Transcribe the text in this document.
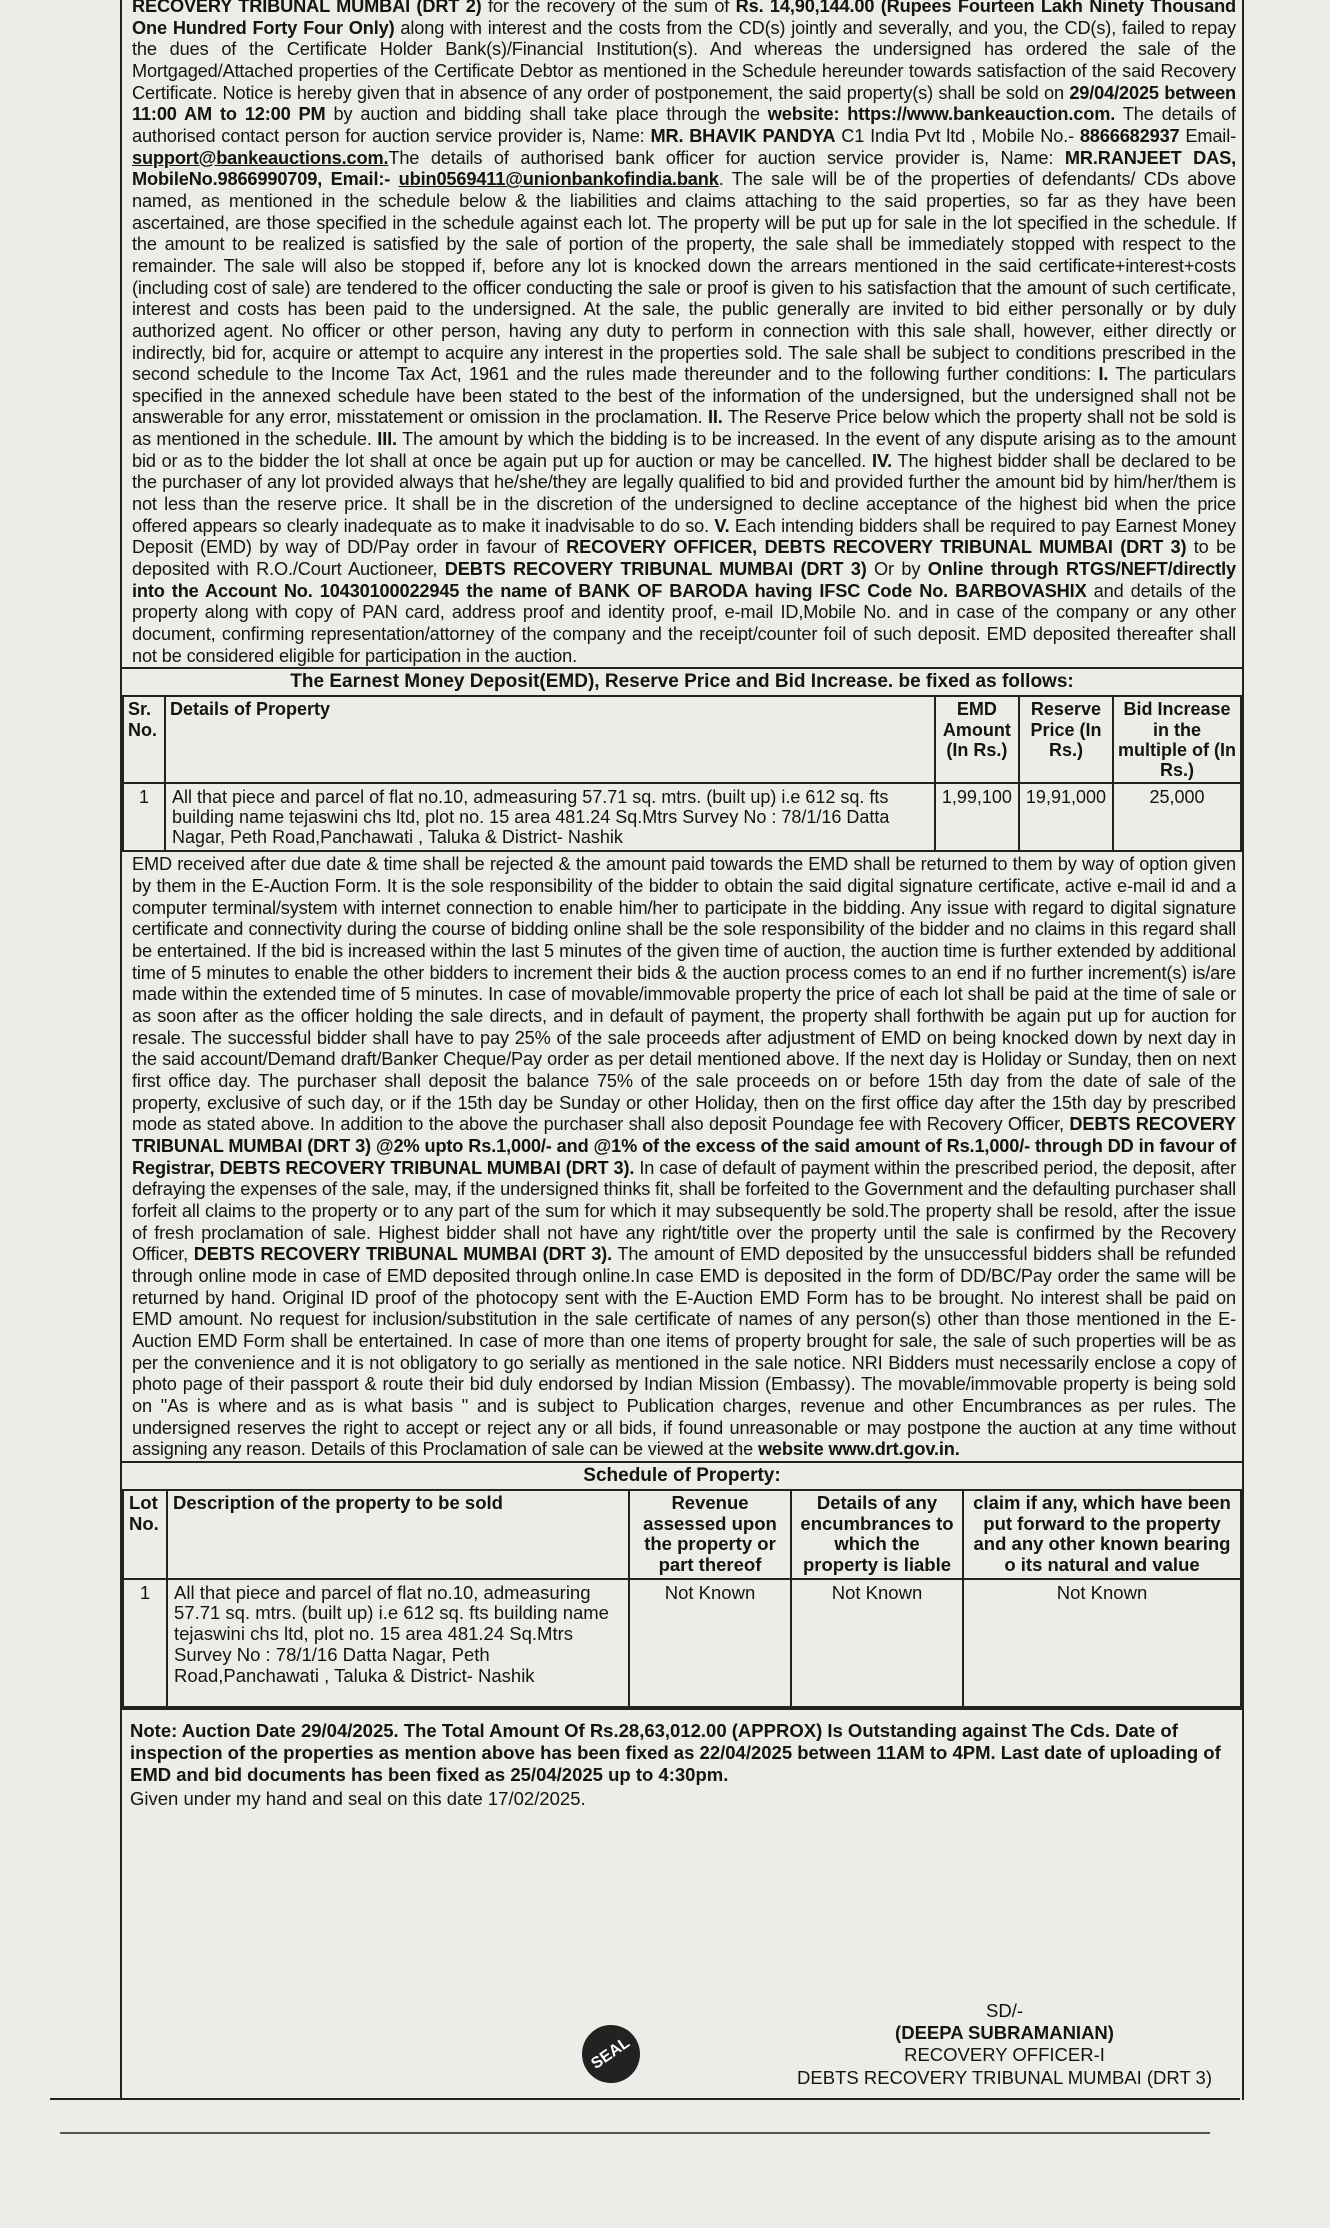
RECOVERY TRIBUNAL MUMBAI (DRT 2) for the recovery of the sum of Rs. 14,90,144.00 (Rupees Fourteen Lakh Ninety Thousand One Hundred Forty Four Only) along with interest and the costs from the CD(s) jointly and severally, and you, the CD(s), failed to repay the dues of the Certificate Holder Bank(s)/Financial Institution(s). And whereas the undersigned has ordered the sale of the Mortgaged/Attached properties of the Certificate Debtor as mentioned in the Schedule hereunder towards satisfaction of the said Recovery Certificate. Notice is hereby given that in absence of any order of postponement, the said property(s) shall be sold on 29/04/2025 between 11:00 AM to 12:00 PM by auction and bidding shall take place through the website: https://www.bankeauction.com. The details of authorised contact person for auction service provider is, Name: MR. BHAVIK PANDYA C1 India Pvt ltd , Mobile No.- 8866682937 Email- support@bankeauctions.com.The details of authorised bank officer for auction service provider is, Name: MR.RANJEET DAS, MobileNo.9866990709, Email:- ubin0569411@unionbankofindia.bank. The sale will be of the properties of defendants/ CDs above named, as mentioned in the schedule below & the liabilities and claims attaching to the said properties, so far as they have been ascertained, are those specified in the schedule against each lot. The property will be put up for sale in the lot specified in the schedule. If the amount to be realized is satisfied by the sale of portion of the property, the sale shall be immediately stopped with respect to the remainder. The sale will also be stopped if, before any lot is knocked down the arrears mentioned in the said certificate+interest+costs (including cost of sale) are tendered to the officer conducting the sale or proof is given to his satisfaction that the amount of such certificate, interest and costs has been paid to the undersigned. At the sale, the public generally are invited to bid either personally or by duly authorized agent. No officer or other person, having any duty to perform in connection with this sale shall, however, either directly or indirectly, bid for, acquire or attempt to acquire any interest in the properties sold. The sale shall be subject to conditions prescribed in the second schedule to the Income Tax Act, 1961 and the rules made thereunder and to the following further conditions: I. The particulars specified in the annexed schedule have been stated to the best of the information of the undersigned, but the undersigned shall not be answerable for any error, misstatement or omission in the proclamation. II. The Reserve Price below which the property shall not be sold is as mentioned in the schedule. III. The amount by which the bidding is to be increased. In the event of any dispute arising as to the amount bid or as to the bidder the lot shall at once be again put up for auction or may be cancelled. IV. The highest bidder shall be declared to be the purchaser of any lot provided always that he/she/they are legally qualified to bid and provided further the amount bid by him/her/them is not less than the reserve price. It shall be in the discretion of the undersigned to decline acceptance of the highest bid when the price offered appears so clearly inadequate as to make it inadvisable to do so. V. Each intending bidders shall be required to pay Earnest Money Deposit (EMD) by way of DD/Pay order in favour of RECOVERY OFFICER, DEBTS RECOVERY TRIBUNAL MUMBAI (DRT 3) to be deposited with R.O./Court Auctioneer, DEBTS RECOVERY TRIBUNAL MUMBAI (DRT 3) Or by Online through RTGS/NEFT/directly into the Account No. 10430100022945 the name of BANK OF BARODA having IFSC Code No. BARBOVASHIX and details of the property along with copy of PAN card, address proof and identity proof, e-mail ID,Mobile No. and in case of the company or any other document, confirming representation/attorney of the company and the receipt/counter foil of such deposit. EMD deposited thereafter shall not be considered eligible for participation in the auction.

The Earnest Money Deposit(EMD), Reserve Price and Bid Increase. be fixed as follows:
Sr. No.	Details of Property	EMD Amount (In Rs.)	Reserve Price (In Rs.)	Bid Increase in the multiple of (In Rs.)
1	All that piece and parcel of flat no.10, admeasuring 57.71 sq. mtrs. (built up) i.e 612 sq. fts building name tejaswini chs ltd, plot no. 15 area 481.24 Sq.Mtrs Survey No : 78/1/16 Datta Nagar, Peth Road,Panchawati , Taluka & District- Nashik	1,99,100	19,91,000	25,000
EMD received after due date & time shall be rejected & the amount paid towards the EMD shall be returned to them by way of option given by them in the E-Auction Form. It is the sole responsibility of the bidder to obtain the said digital signature certificate, active e-mail id and a computer terminal/system with internet connection to enable him/her to participate in the bidding. Any issue with regard to digital signature certificate and connectivity during the course of bidding online shall be the sole responsibility of the bidder and no claims in this regard shall be entertained. If the bid is increased within the last 5 minutes of the given time of auction, the auction time is further extended by additional time of 5 minutes to enable the other bidders to increment their bids & the auction process comes to an end if no further increment(s) is/are made within the extended time of 5 minutes. In case of movable/immovable property the price of each lot shall be paid at the time of sale or as soon after as the officer holding the sale directs, and in default of payment, the property shall forthwith be again put up for auction for resale. The successful bidder shall have to pay 25% of the sale proceeds after adjustment of EMD on being knocked down by next day in the said account/Demand draft/Banker Cheque/Pay order as per detail mentioned above. If the next day is Holiday or Sunday, then on next first office day. The purchaser shall deposit the balance 75% of the sale proceeds on or before 15th day from the date of sale of the property, exclusive of such day, or if the 15th day be Sunday or other Holiday, then on the first office day after the 15th day by prescribed mode as stated above. In addition to the above the purchaser shall also deposit Poundage fee with Recovery Officer, DEBTS RECOVERY TRIBUNAL MUMBAI (DRT 3) @2% upto Rs.1,000/- and @1% of the excess of the said amount of Rs.1,000/- through DD in favour of Registrar, DEBTS RECOVERY TRIBUNAL MUMBAI (DRT 3). In case of default of payment within the prescribed period, the deposit, after defraying the expenses of the sale, may, if the undersigned thinks fit, shall be forfeited to the Government and the defaulting purchaser shall forfeit all claims to the property or to any part of the sum for which it may subsequently be sold.The property shall be resold, after the issue of fresh proclamation of sale. Highest bidder shall not have any right/title over the property until the sale is confirmed by the Recovery Officer, DEBTS RECOVERY TRIBUNAL MUMBAI (DRT 3). The amount of EMD deposited by the unsuccessful bidders shall be refunded through online mode in case of EMD deposited through online.In case EMD is deposited in the form of DD/BC/Pay order the same will be returned by hand. Original ID proof of the photocopy sent with the E-Auction EMD Form has to be brought. No interest shall be paid on EMD amount. No request for inclusion/substitution in the sale certificate of names of any person(s) other than those mentioned in the E-Auction EMD Form shall be entertained. In case of more than one items of property brought for sale, the sale of such properties will be as per the convenience and it is not obligatory to go serially as mentioned in the sale notice. NRI Bidders must necessarily enclose a copy of photo page of their passport & route their bid duly endorsed by Indian Mission (Embassy). The movable/immovable property is being sold on "As is where and as is what basis " and is subject to Publication charges, revenue and other Encumbrances as per rules. The undersigned reserves the right to accept or reject any or all bids, if found unreasonable or may postpone the auction at any time without assigning any reason. Details of this Proclamation of sale can be viewed at the website www.drt.gov.in.
Schedule of Property:
Lot No.	Description of the property to be sold	Revenue assessed upon the property or part thereof	Details of any encumbrances to which the property is liable	claim if any, which have been put forward to the property and any other known bearing o its natural and value
1	All that piece and parcel of flat no.10, admeasuring 57.71 sq. mtrs. (built up) i.e 612 sq. fts building name tejaswini chs ltd, plot no. 15 area 481.24 Sq.Mtrs Survey No : 78/1/16 Datta Nagar, Peth Road,Panchawati , Taluka & District- Nashik	Not Known	Not Known	Not Known
Note: Auction Date 29/04/2025. The Total Amount Of Rs.28,63,012.00 (APPROX) Is Outstanding against The Cds. Date of inspection of the properties as mention above has been fixed as 22/04/2025 between 11AM to 4PM. Last date of uploading of EMD and bid documents has been fixed as 25/04/2025 up to 4:30pm.
Given under my hand and seal on this date 17/02/2025.
SEAL
SD/-
(DEEPA SUBRAMANIAN)
RECOVERY OFFICER-I
DEBTS RECOVERY TRIBUNAL MUMBAI (DRT 3)
